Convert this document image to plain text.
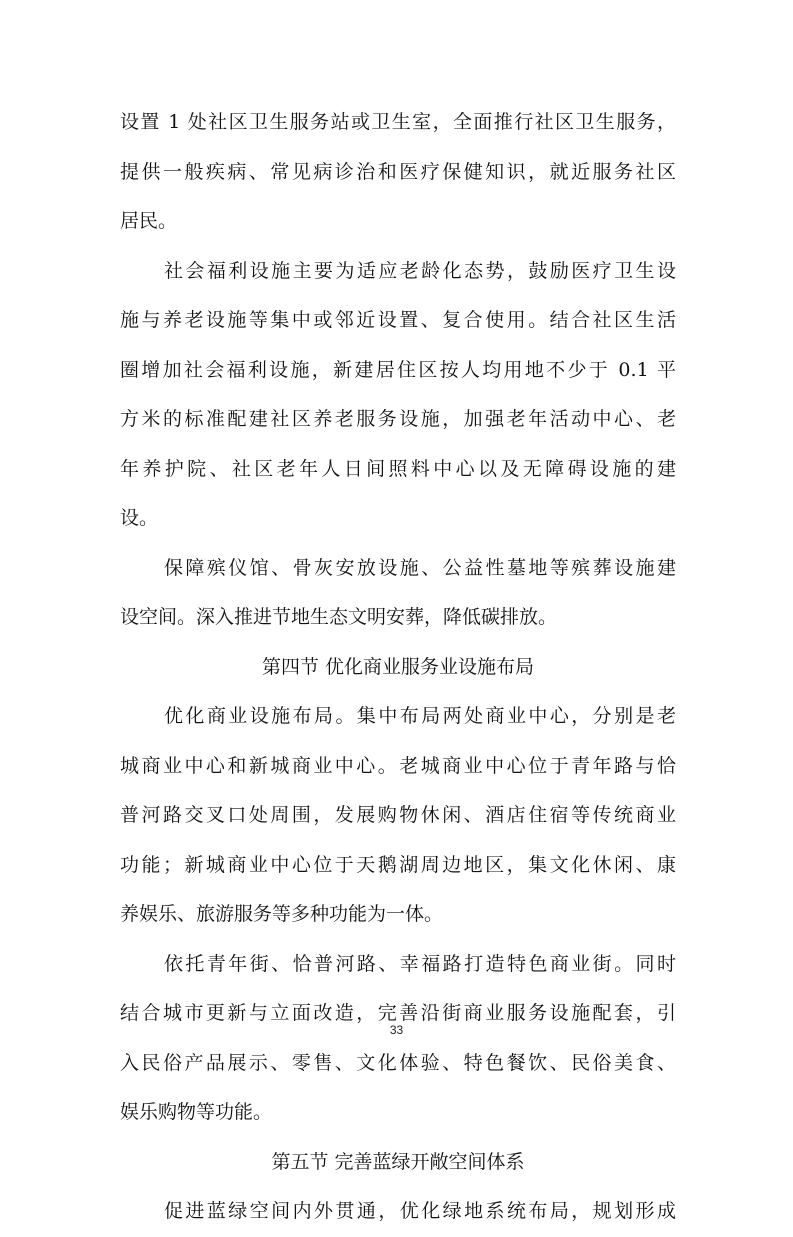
设置 1 处社区卫生服务站或卫生室，全面推行社区卫生服务，
提供一般疾病、常见病诊治和医疗保健知识，就近服务社区
居民。
社会福利设施主要为适应老龄化态势，鼓励医疗卫生设
施与养老设施等集中或邻近设置、复合使用。结合社区生活
圈增加社会福利设施，新建居住区按人均用地不少于 0.1 平
方米的标准配建社区养老服务设施，加强老年活动中心、老
年养护院、社区老年人日间照料中心以及无障碍设施的建
设。
保障殡仪馆、骨灰安放设施、公益性墓地等殡葬设施建
设空间。深入推进节地生态文明安葬，降低碳排放。
第四节 优化商业服务业设施布局
优化商业设施布局。集中布局两处商业中心，分别是老
城商业中心和新城商业中心。老城商业中心位于青年路与恰
普河路交叉口处周围，发展购物休闲、酒店住宿等传统商业
功能；新城商业中心位于天鹅湖周边地区，集文化休闲、康
养娱乐、旅游服务等多种功能为一体。
依托青年街、恰普河路、幸福路打造特色商业街。同时
结合城市更新与立面改造，完善沿街商业服务设施配套，引
入民俗产品展示、零售、文化体验、特色餐饮、民俗美食、
娱乐购物等功能。
第五节 完善蓝绿开敞空间体系
促进蓝绿空间内外贯通，优化绿地系统布局，规划形成
33
